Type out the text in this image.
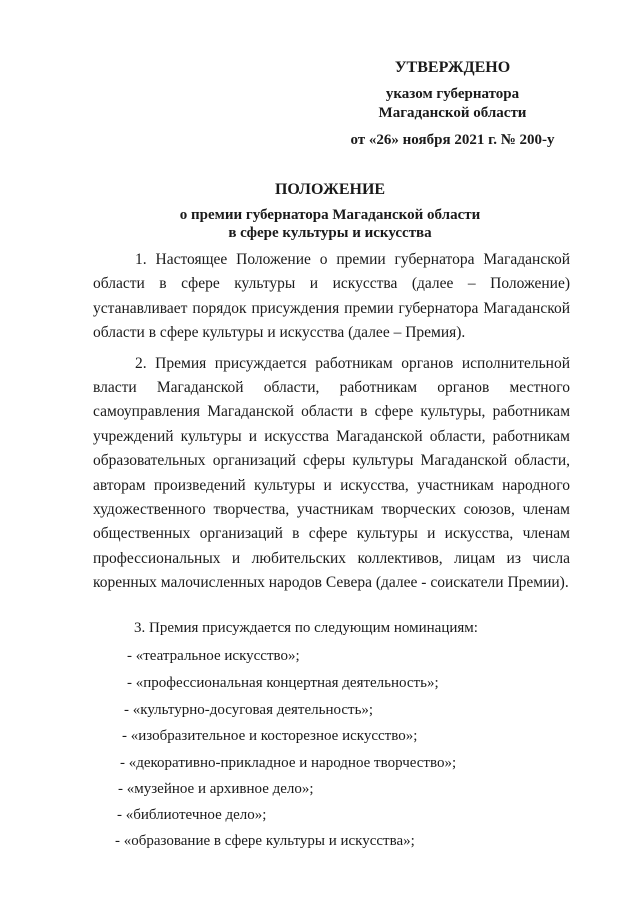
УТВЕРЖДЕНО
указом губернатора
Магаданской области
от «26» ноября 2021 г. № 200-у
ПОЛОЖЕНИЕ
о премии губернатора Магаданской области
в сфере культуры и искусства

1. Настоящее Положение о премии губернатора Магаданской области в сфере культуры и искусства (далее – Положение) устанавливает порядок присуждения премии губернатора Магаданской области в сфере культуры и искусства (далее – Премия).

2. Премия присуждается работникам органов исполнительной власти Магаданской области, работникам органов местного самоуправления Магаданской области в сфере культуры, работникам учреждений культуры и искусства Магаданской области, работникам образовательных организаций сферы культуры Магаданской области, авторам произведений культуры и искусства, участникам народного художественного творчества, участникам творческих союзов, членам общественных организаций в сфере культуры и искусства, членам профессиональных и любительских коллективов, лицам из числа коренных малочисленных народов Севера (далее - соискатели Премии).

3. Премия присуждается по следующим номинациям:
- «театральное искусство»;
- «профессиональная концертная деятельность»;
- «культурно-досуговая деятельность»;
- «изобразительное и косторезное искусство»;
- «декоративно-прикладное и народное творчество»;
- «музейное и архивное дело»;
- «библиотечное дело»;
- «образование в сфере культуры и искусства»;
